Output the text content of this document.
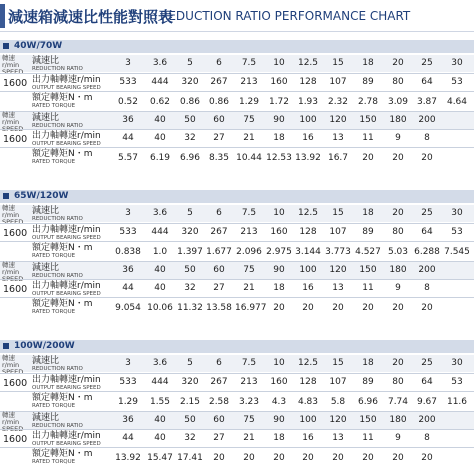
減速箱減速比性能對照表
REDUCTION RATIO PERFORMANCE CHART
40W/70W
減速比
REDUCTION RATIO
轉速
r/min
SPEED
3	3.6	5	6	7.5	10	12.5	15	18	20	25	30
出力軸轉速r/min
OUTPUT BEARING SPEED
1600	533	444	320	267	213	160	128	107	89	80	64	53
額定轉矩N・m
RATED TORQUE	0.52	0.62	0.86 0.86	1.29	1.72 1.93	2.32	2.78	3.09 3.87	4.64
減速比
REDUCTION RATIO
轉速
r/min
SPEED
36	40	50	60	75	90	100	120	150	180	200
出力軸轉速r/min
OUTPUT BEARING SPEED
1600	44	40	32	27	21	18	16	13	11	9	8
額定轉矩N・m
RATED TORQUE	5.57	6.19	6.96 8.35 10.44 12.53 13.92 16.7	20	20	20
65W/120W
減速比
REDUCTION RATIO
轉速
r/min
SPEED
3	3.6	5	6	7.5	10	12.5	15	18	20	25	30
出力軸轉速r/min
OUTPUT BEARING SPEED
1600	533	444	320	267	213	160	128	107	89	80	64	53
額定轉矩N・m
RATED TORQUE	0.838	1.0	1.397 1.677 2.096 2.975 3.144 3.773 4.527 5.03 6.288 7.545
減速比
REDUCTION RATIO
轉速
r/min
SPEED
36	40	50	60	75	90	100	120	150	180	200
出力軸轉速r/min
OUTPUT BEARING SPEED
1600	44	40	32	27	21	18	16	13	11	9	8
額定轉矩N・m
RATED TORQUE	9.054 10.06 11.32 13.58 16.977 20	20	20	20	20	20
100W/200W
減速比
REDUCTION RATIO
轉速
r/min
SPEED
3	3.6	5	6	7.5	10	12.5	15	18	20	25	30
出力軸轉速r/min
OUTPUT BEARING SPEED
1600	533	444	320	267	213	160	128	107	89	80	64	53
額定轉矩N・m
RATED TORQUE	1.29	1.55	2.15 2.58	3.23	4.3	4.83	5.8	6.96	7.74 9.67	11.6
減速比
REDUCTION RATIO
轉速
r/min
SPEED
36	40	50	60	75	90	100	120	150	180	200
出力軸轉速r/min
OUTPUT BEARING SPEED
1600	44	40	32	27	21	18	16	13	11	9	8
額定轉矩N・m
RATED TORQUE	13.92 15.47 17.41	20	20	20	20	20	20	20	20
